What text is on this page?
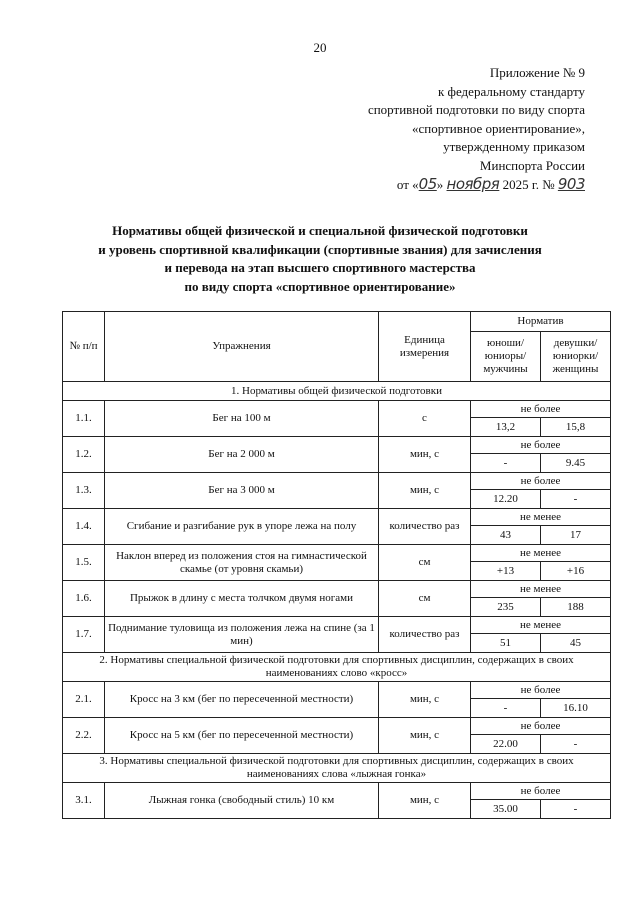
20
Приложение № 9
к федеральному стандарту
спортивной подготовки по виду спорта
«спортивное ориентирование»,
утвержденному приказом
Минспорта России
от «05» ноября 2025 г. № 903
Нормативы общей физической и специальной физической подготовки
и уровень спортивной квалификации (спортивные звания) для зачисления
и перевода на этап высшего спортивного мастерства
по виду спорта «спортивное ориентирование»
№ п/п	Упражнения	Единица измерения	Норматив	
			юноши/ юниоры/ мужчины	девушки/ юниорки/ женщины
1. Нормативы общей физической подготовки				
1.1.	Бег на 100 м	с	не более	
			13,2	15,8
1.2.	Бег на 2 000 м	мин, с	не более	
			-	9.45
1.3.	Бег на 3 000 м	мин, с	не более	
			12.20	-
1.4.	Сгибание и разгибание рук в упоре лежа на полу	количество раз	не менее	
			43	17
1.5.	Наклон вперед из положения стоя на гимнастической скамье (от уровня скамьи)	см	не менее	
			+13	+16
1.6.	Прыжок в длину с места толчком двумя ногами	см	не менее	
			235	188
1.7.	Поднимание туловища из положения лежа на спине (за 1 мин)	количество раз	не менее	
			51	45
2. Нормативы специальной физической подготовки для спортивных дисциплин, содержащих в своих наименованиях слово «кросс»				
2.1.	Кросс на 3 км (бег по пересеченной местности)	мин, с	не более	
			-	16.10
2.2.	Кросс на 5 км (бег по пересеченной местности)	мин, с	не более	
			22.00	-
3. Нормативы специальной физической подготовки для спортивных дисциплин, содержащих в своих наименованиях слова «лыжная гонка»				
3.1.	Лыжная гонка (свободный стиль) 10 км	мин, с	не более	
			35.00	-
